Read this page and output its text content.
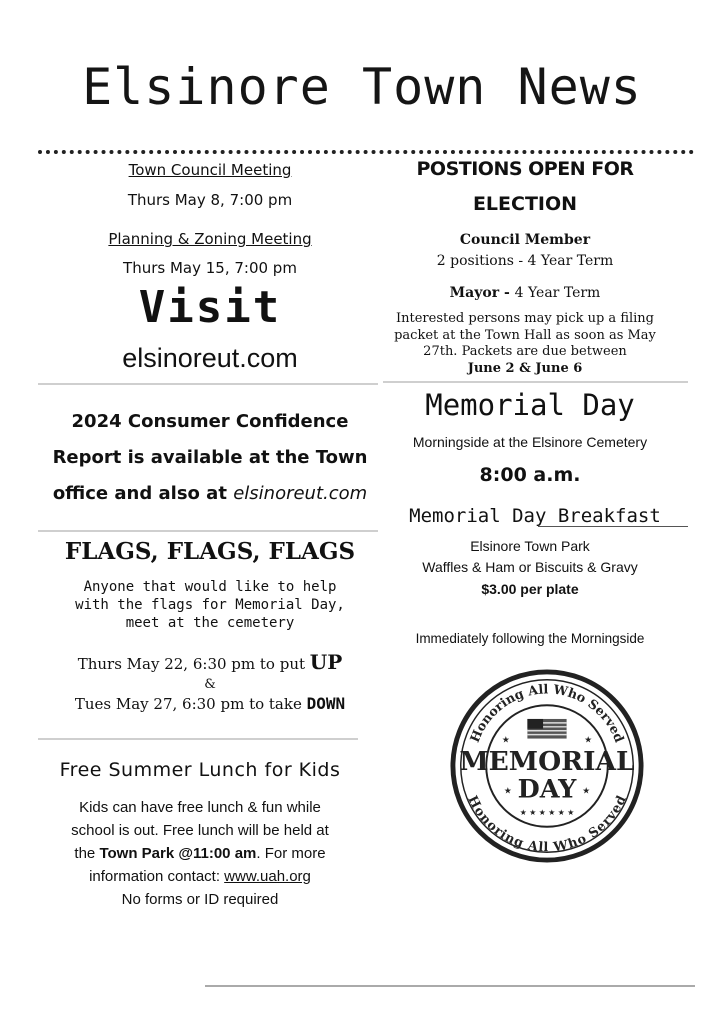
Elsinore Town News
Town Council Meeting
Thurs May 8, 7:00 pm
Planning & Zoning Meeting
Thurs May 15, 7:00 pm
Visit
elsinoreut.com
2024 Consumer Confidence
Report is available at the Town
office and also at elsinoreut.com
FLAGS, FLAGS, FLAGS
Anyone that would like to help
with the flags for Memorial Day,
meet at the cemetery
Thurs May 22, 6:30 pm to put UP
&
Tues May 27, 6:30 pm to take DOWN
Free Summer Lunch for Kids
Kids can have free lunch & fun while
school is out. Free lunch will be held at
the Town Park @11:00 am. For more
information contact: www.uah.org
No forms or ID required
POSTIONS OPEN FOR
ELECTION
Council Member
2 positions - 4 Year Term
Mayor - 4 Year Term
Interested persons may pick up a filing
packet at the Town Hall as soon as May
27th. Packets are due between
June 2 & June 6
Memorial Day
Morningside at the Elsinore Cemetery
8:00 a.m.
Memorial Day Breakfast
Elsinore Town Park
Waffles & Ham or Biscuits & Gravy
$3.00 per plate
Immediately following the Morningside
Honoring All Who Served
Honoring All Who Served
★	★
MEMORIAL
DAY
★	★
★ ★ ★ ★ ★ ★
